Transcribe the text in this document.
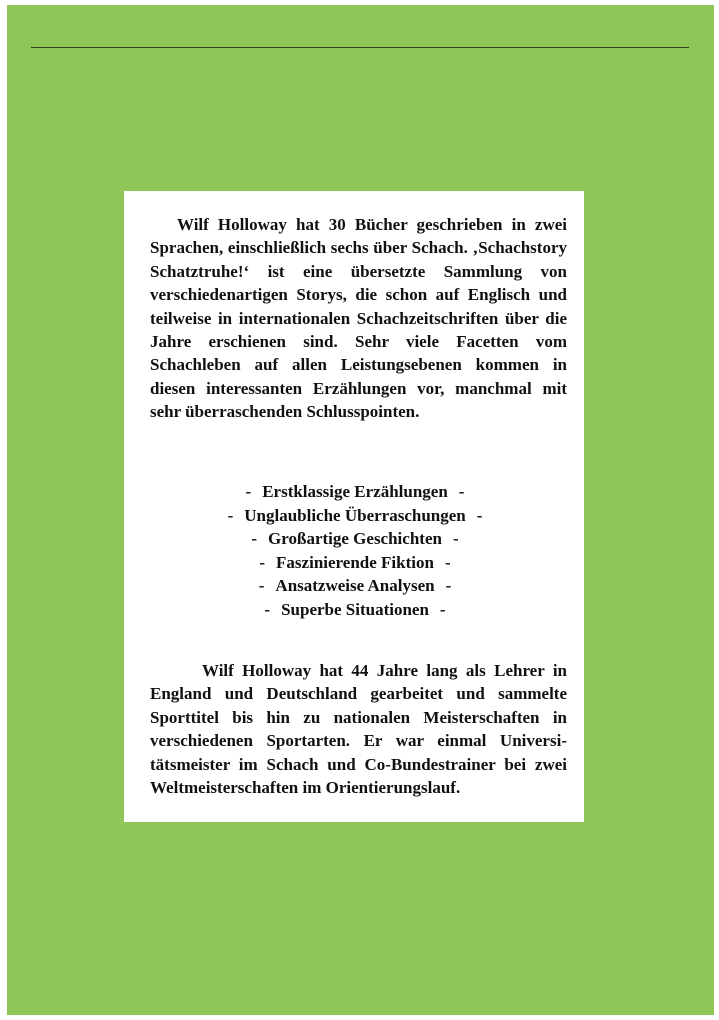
Wilf Holloway hat 30 Bücher geschrieben in zwei Sprachen, einschließlich sechs über Schach. ‚Schachstory Schatztruhe!‘ ist eine übersetzte Sammlung von verschiedenartigen Storys, die schon auf Englisch und teilweise in internationalen Schachzeitschriften über die Jahre erschienen sind. Sehr viele Facetten vom Schachleben auf allen Leistungsebenen kommen in diesen interessanten Erzählungen vor, manchmal mit sehr überraschenden Schlusspointen.

- Erstklassige Erzählungen -
- Unglaubliche Überraschungen -
- Großartige Geschichten -
- Faszinierende Fiktion -
- Ansatzweise Analysen -
- Superbe Situationen -

Wilf Holloway hat 44 Jahre lang als Lehrer in England und Deutschland gearbeitet und sammelte Sporttitel bis hin zu nationalen Meisterschaften in verschiedenen Sportarten. Er war einmal Universitätsmeister im Schach und Co-Bundestrainer bei zwei Weltmeisterschaften im Orientierungslauf.
